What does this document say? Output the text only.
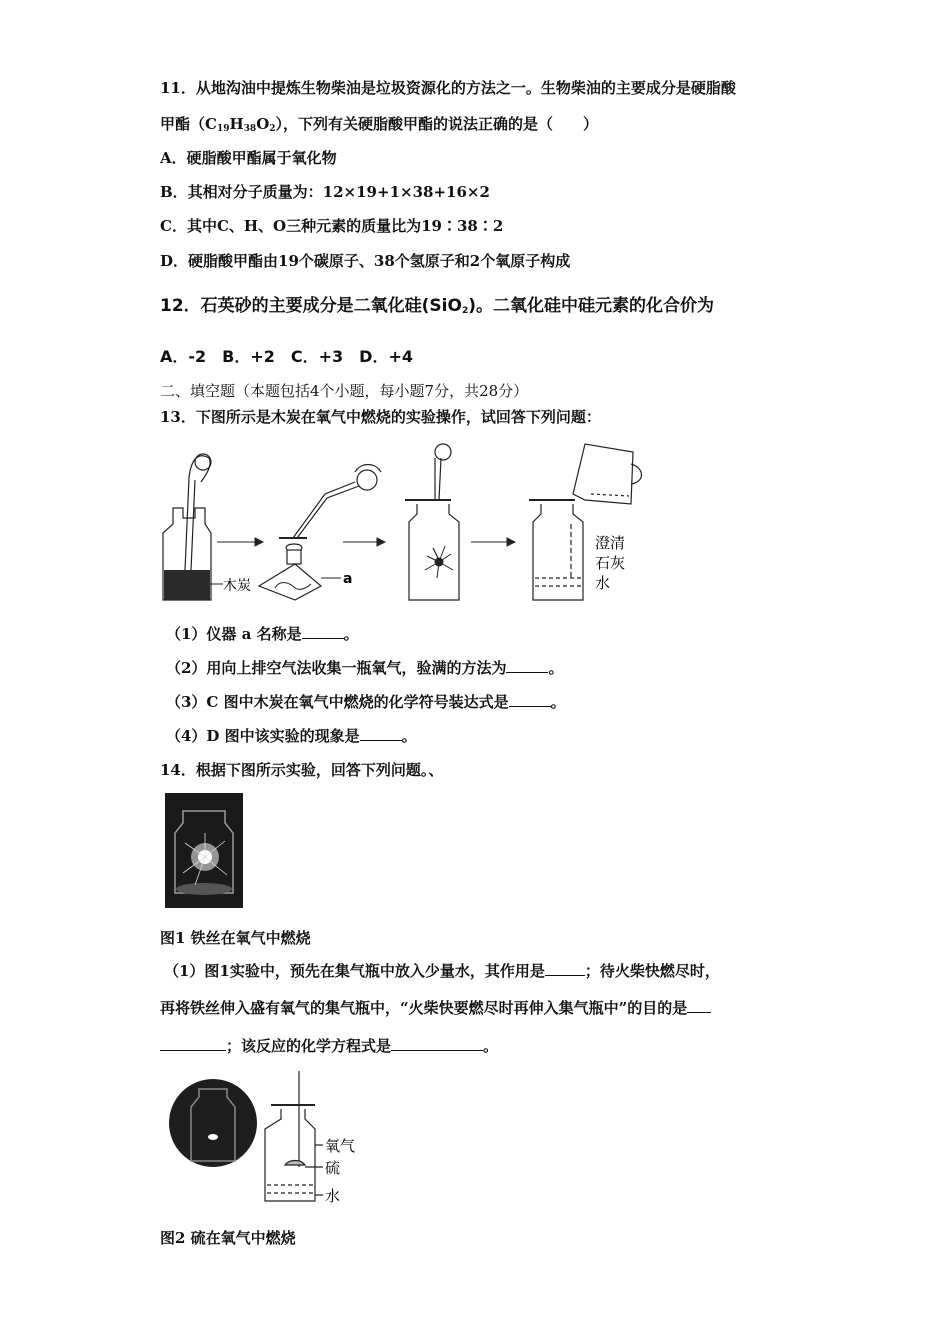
11．从地沟油中提炼生物柴油是垃圾资源化的方法之一。生物柴油的主要成分是硬脂酸
甲酯$(C_{19}H_{38}O_2)$，下列有关硬脂酸甲酯的说法正确的是（　　）
A．硬脂酸甲酯属于氧化物
B．其相对分子质量为：12×19+1×38+16×2
C．其中C、H、O三种元素的质量比为19∶38∶2
D．硬脂酸甲酯由19个碳原子、38个氢原子和2个氧原子构成
12．石英砂的主要成分是二氧化硅(SiO$_2$)。二氧化硅中硅元素的化合价为
A．-2　B．+2　C．+3　D．+4
二、填空题（本题包括4个小题，每小题7分，共28分）
13．下图所示是木炭在氧气中燃烧的实验操作，试回答下列问题：
木炭	a
澄清
石灰
水
（1）仪器 a 名称是	。
（2）用向上排空气法收集一瓶氧气，验满的方法为	。
（3）C 图中木炭在氧气中燃烧的化学符号装达式是	。
（4）D 图中该实验的现象是	。
14．根据下图所示实验，回答下列问题。、
图1 铁丝在氧气中燃烧
（1）图1实验中，预先在集气瓶中放入少量水，其作用是	；待火柴快燃尽时，
再将铁丝伸入盛有氧气的集气瓶中，“火柴快要燃尽时再伸入集气瓶中”的目的是
；该反应的化学方程式是	。
氧气
硫
水
图2 硫在氧气中燃烧
